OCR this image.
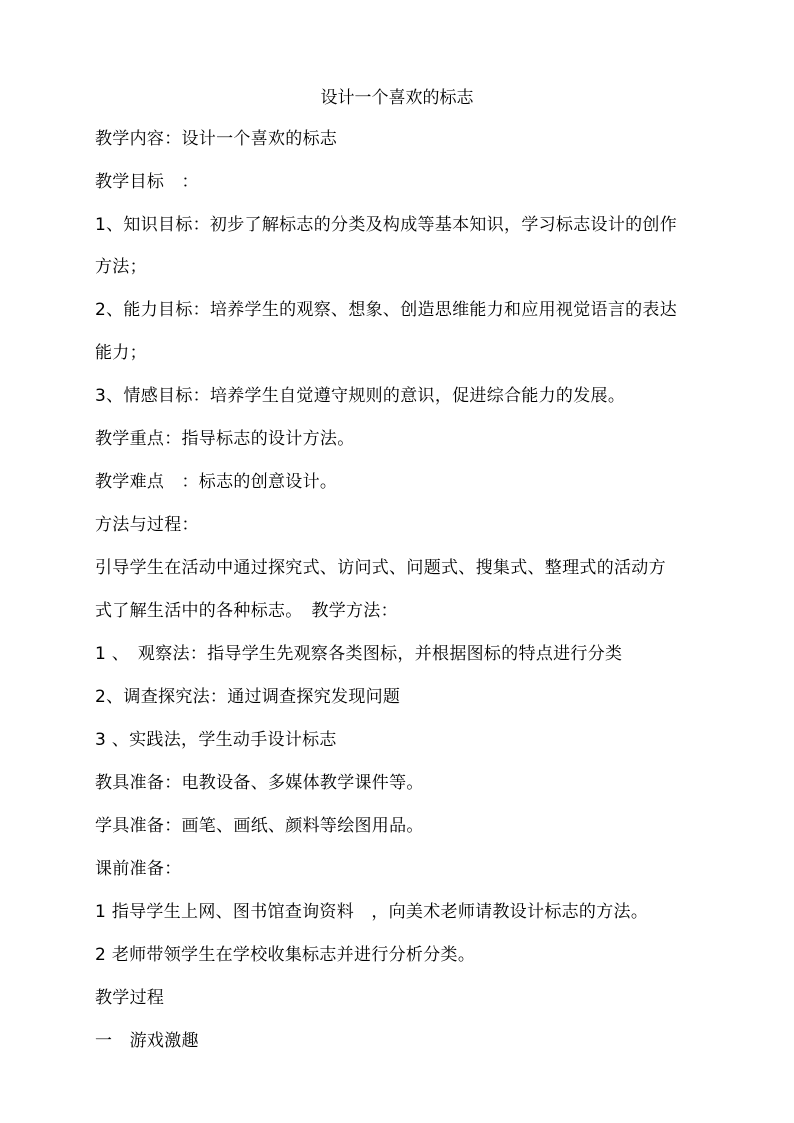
设计一个喜欢的标志
教学内容：设计一个喜欢的标志
教学目标　：
1、知识目标：初步了解标志的分类及构成等基本知识，学习标志设计的创作
方法；
2、能力目标：培养学生的观察、想象、创造思维能力和应用视觉语言的表达
能力；
3、情感目标：培养学生自觉遵守规则的意识，促进综合能力的发展。
教学重点：指导标志的设计方法。
教学难点　：标志的创意设计。
方法与过程：
引导学生在活动中通过探究式、访问式、问题式、搜集式、整理式的活动方
式了解生活中的各种标志。　教学方法：
1 、　观察法：指导学生先观察各类图标，并根据图标的特点进行分类
2、调查探究法：通过调查探究发现问题
3 、实践法，学生动手设计标志
教具准备：电教设备、多媒体教学课件等。
学具准备：画笔、画纸、颜料等绘图用品。
课前准备：
1 指导学生上网、图书馆查询资料　，向美术老师请教设计标志的方法。
2 老师带领学生在学校收集标志并进行分析分类。
教学过程
一　游戏激趣
